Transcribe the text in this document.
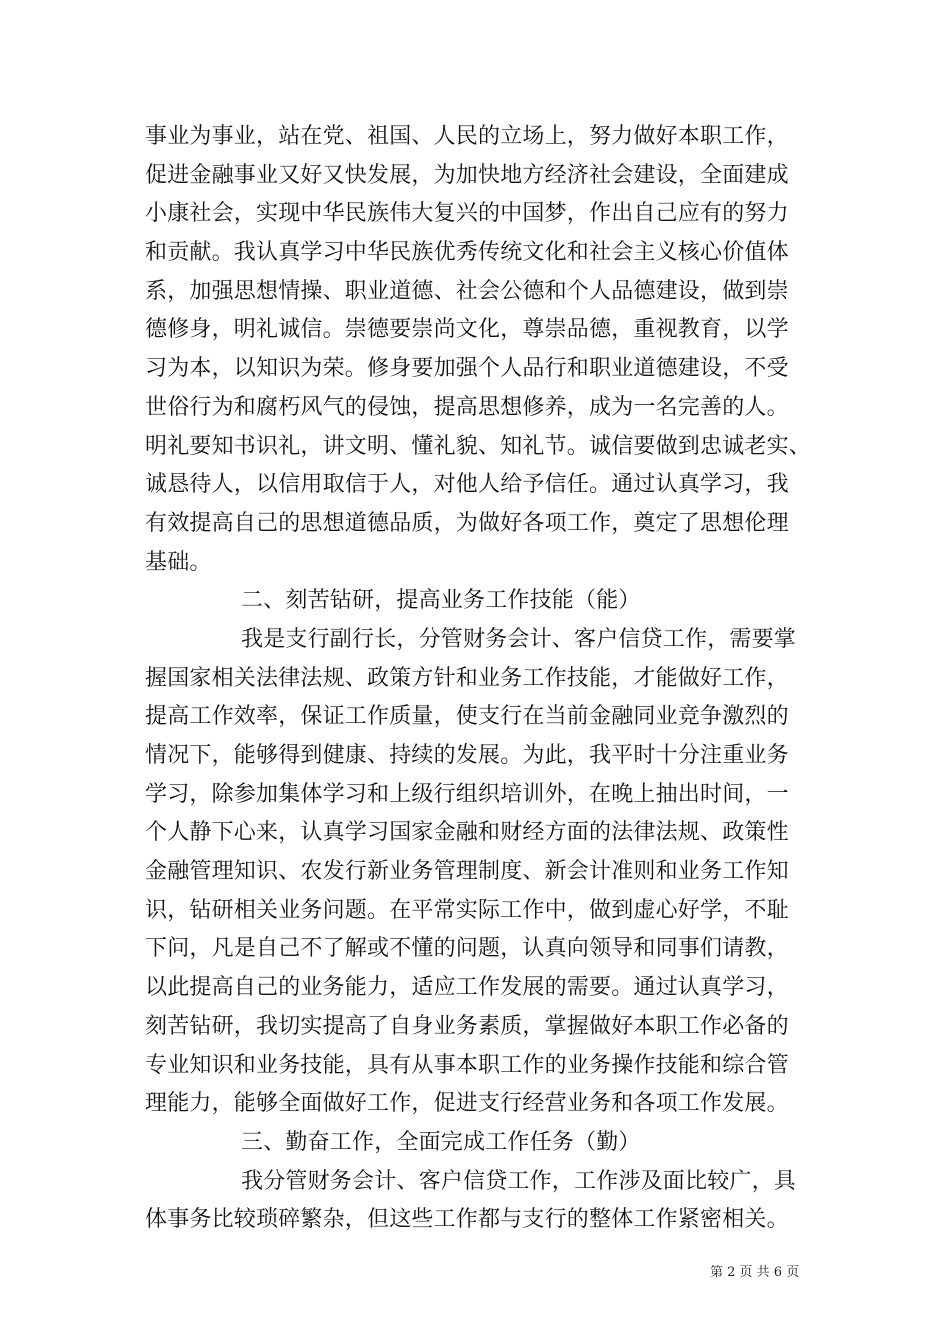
事业为事业，站在党、祖国、人民的立场上，努力做好本职工作，
促进金融事业又好又快发展，为加快地方经济社会建设，全面建成
小康社会，实现中华民族伟大复兴的中国梦，作出自己应有的努力
和贡献。我认真学习中华民族优秀传统文化和社会主义核心价值体
系，加强思想情操、职业道德、社会公德和个人品德建设，做到崇
德修身，明礼诚信。崇德要崇尚文化，尊崇品德，重视教育，以学
习为本，以知识为荣。修身要加强个人品行和职业道德建设，不受
世俗行为和腐朽风气的侵蚀，提高思想修养，成为一名完善的人。
明礼要知书识礼，讲文明、懂礼貌、知礼节。诚信要做到忠诚老实、
诚恳待人，以信用取信于人，对他人给予信任。通过认真学习，我
有效提高自己的思想道德品质，为做好各项工作，奠定了思想伦理
基础。
二、刻苦钻研，提高业务工作技能（能）
我是支行副行长，分管财务会计、客户信贷工作，需要掌
握国家相关法律法规、政策方针和业务工作技能，才能做好工作，
提高工作效率，保证工作质量，使支行在当前金融同业竞争激烈的
情况下，能够得到健康、持续的发展。为此，我平时十分注重业务
学习，除参加集体学习和上级行组织培训外，在晚上抽出时间，一
个人静下心来，认真学习国家金融和财经方面的法律法规、政策性
金融管理知识、农发行新业务管理制度、新会计准则和业务工作知
识，钻研相关业务问题。在平常实际工作中，做到虚心好学，不耻
下问，凡是自己不了解或不懂的问题，认真向领导和同事们请教，
以此提高自己的业务能力，适应工作发展的需要。通过认真学习，
刻苦钻研，我切实提高了自身业务素质，掌握做好本职工作必备的
专业知识和业务技能，具有从事本职工作的业务操作技能和综合管
理能力，能够全面做好工作，促进支行经营业务和各项工作发展。
三、勤奋工作，全面完成工作任务（勤）
我分管财务会计、客户信贷工作，工作涉及面比较广，具
体事务比较琐碎繁杂，但这些工作都与支行的整体工作紧密相关。
第 2 页 共 6 页
